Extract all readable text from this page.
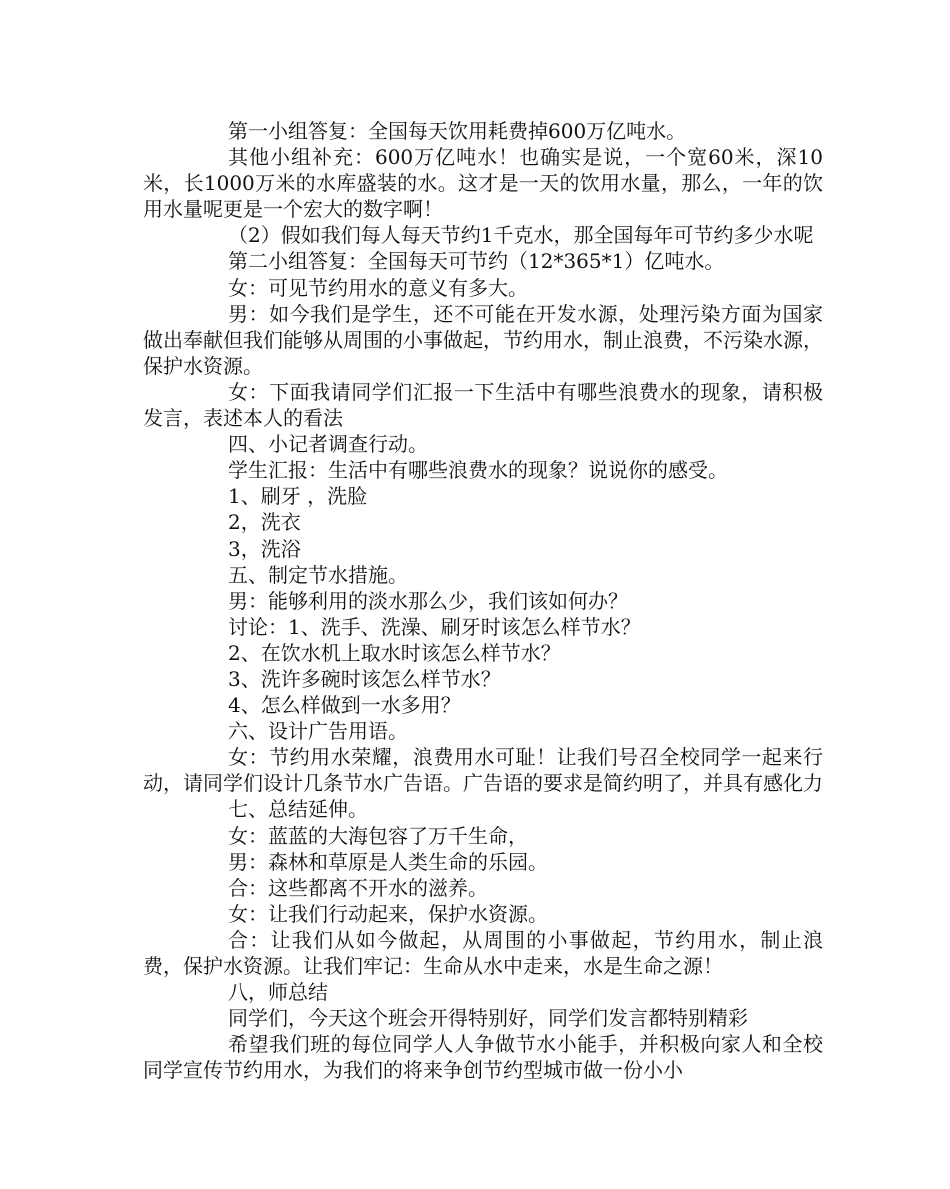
第一小组答复：全国每天饮用耗费掉600万亿吨水。

其他小组补充：600万亿吨水！也确实是说，一个宽60米，深10米，长1000万米的水库盛装的水。这才是一天的饮用水量，那么，一年的饮用水量呢更是一个宏大的数字啊！

（2）假如我们每人每天节约1千克水，那全国每年可节约多少水呢

第二小组答复：全国每天可节约（12*365*1）亿吨水。

女：可见节约用水的意义有多大。

男：如今我们是学生，还不可能在开发水源，处理污染方面为国家做出奉献但我们能够从周围的小事做起，节约用水，制止浪费，不污染水源，保护水资源。

女：下面我请同学们汇报一下生活中有哪些浪费水的现象，请积极发言，表述本人的看法

四、小记者调查行动。

学生汇报：生活中有哪些浪费水的现象？说说你的感受。

1、刷牙 ，洗脸

2，洗衣

3，洗浴

五、制定节水措施。

男：能够利用的淡水那么少，我们该如何办？

讨论：1、洗手、洗澡、刷牙时该怎么样节水？

2、在饮水机上取水时该怎么样节水？

3、洗许多碗时该怎么样节水？

4、怎么样做到一水多用？

六、设计广告用语。

女：节约用水荣耀，浪费用水可耻！让我们号召全校同学一起来行动，请同学们设计几条节水广告语。广告语的要求是简约明了，并具有感化力

七、总结延伸。

女：蓝蓝的大海包容了万千生命，

男：森林和草原是人类生命的乐园。

合：这些都离不开水的滋养。

女：让我们行动起来，保护水资源。

合：让我们从如今做起，从周围的小事做起，节约用水，制止浪费，保护水资源。让我们牢记：生命从水中走来，水是生命之源！

八，师总结

同学们，今天这个班会开得特别好，同学们发言都特别精彩

希望我们班的每位同学人人争做节水小能手，并积极向家人和全校同学宣传节约用水，为我们的将来争创节约型城市做一份小小
